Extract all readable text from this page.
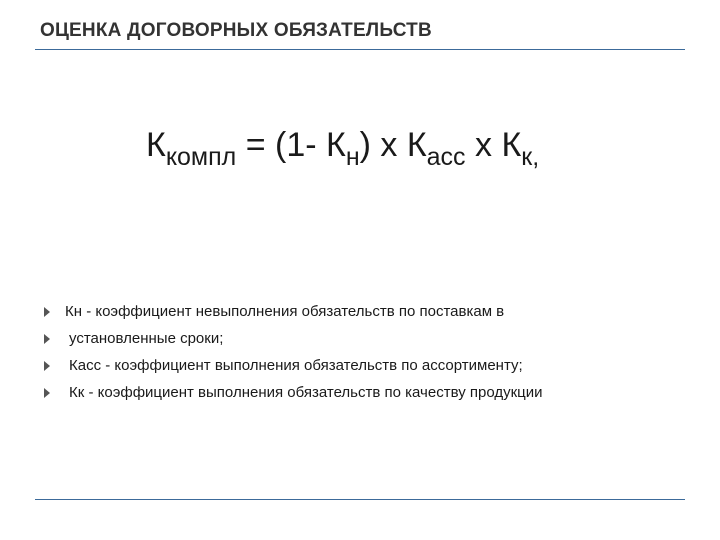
ОЦЕНКА ДОГОВОРНЫХ ОБЯЗАТЕЛЬСТВ
$К_{компл} = (1-$ $К_н$) х $К_{асс}$ х $К_{к,}$
Кн - коэффициент невыполнения обязательств по поставкам в
установленные сроки;
Касс - коэффициент выполнения обязательств по ассортименту;
Кк - коэффициент выполнения обязательств по качеству продукции
